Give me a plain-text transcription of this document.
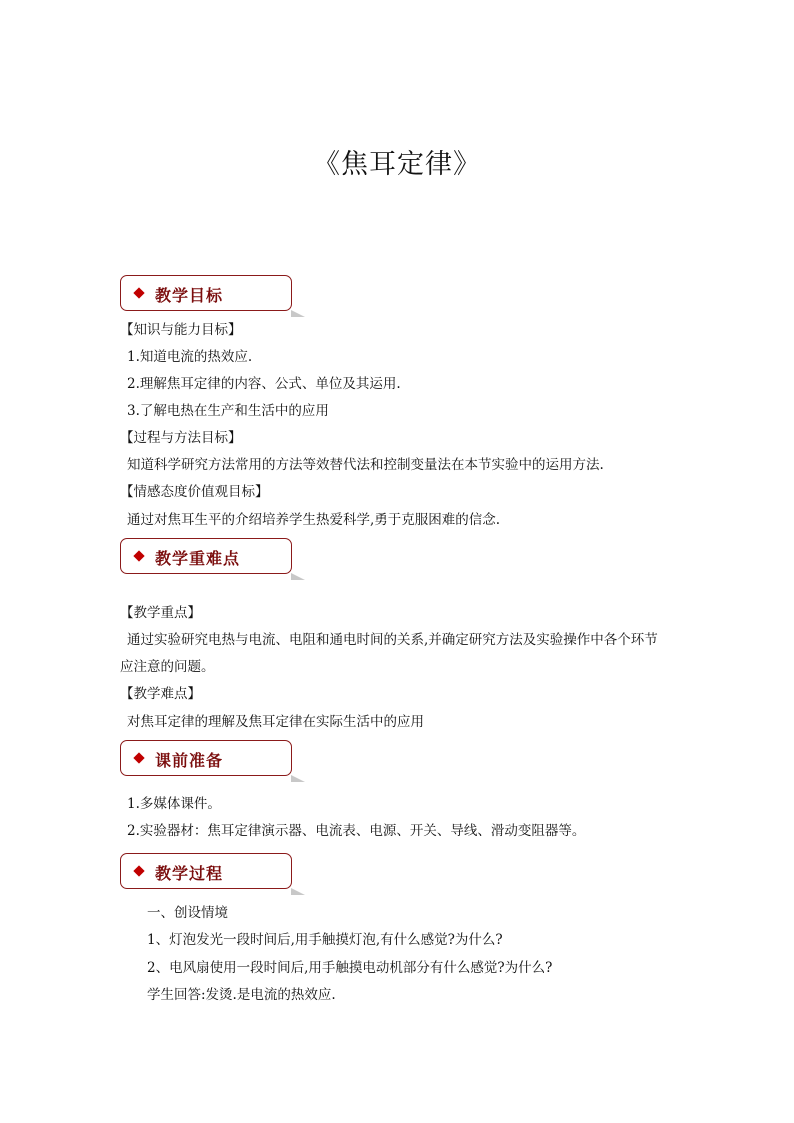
《焦耳定律》
教学目标
【知识与能力目标】
1.知道电流的热效应.
2.理解焦耳定律的内容、公式、单位及其运用.
3.了解电热在生产和生活中的应用
【过程与方法目标】
知道科学研究方法常用的方法等效替代法和控制变量法在本节实验中的运用方法.
【情感态度价值观目标】
通过对焦耳生平的介绍培养学生热爱科学,勇于克服困难的信念.
教学重难点
【教学重点】
通过实验研究电热与电流、电阻和通电时间的关系,并确定研究方法及实验操作中各个环节
应注意的问题。
【教学难点】
对焦耳定律的理解及焦耳定律在实际生活中的应用
课前准备
1.多媒体课件。
2.实验器材：焦耳定律演示器、电流表、电源、开关、导线、滑动变阻器等。
教学过程
一、创设情境
1、灯泡发光一段时间后,用手触摸灯泡,有什么感觉?为什么?
2、电风扇使用一段时间后,用手触摸电动机部分有什么感觉?为什么?
学生回答:发烫.是电流的热效应.
